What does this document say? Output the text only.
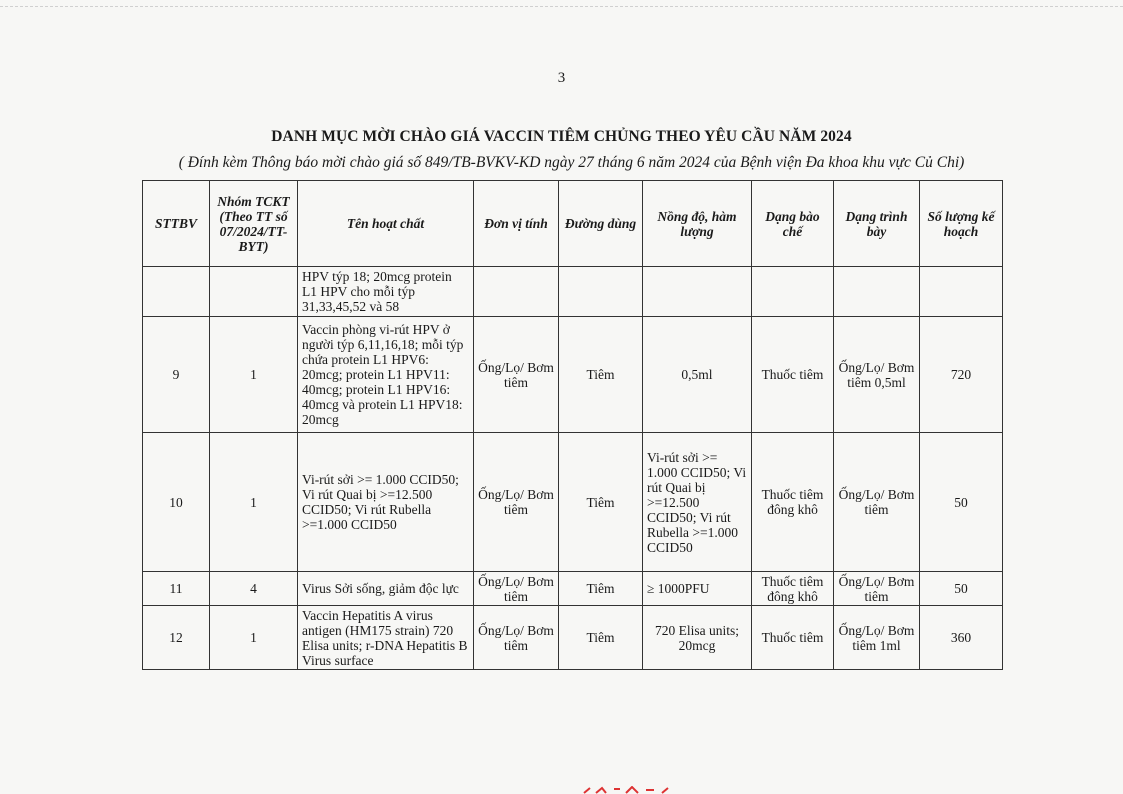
3
DANH MỤC MỜI CHÀO GIÁ VACCIN TIÊM CHỦNG THEO YÊU CẦU NĂM 2024
( Đính kèm Thông báo mời chào giá số 849/TB-BVKV-KD ngày 27 tháng 6 năm 2024 của Bệnh viện Đa khoa khu vực Củ Chi)
STTBV	Nhóm TCKT (Theo TT số 07/2024/TT-BYT)	Tên hoạt chất	Đơn vị tính	Đường dùng	Nồng độ, hàm lượng	Dạng bào chế	Dạng trình bày	Số lượng kế hoạch
		HPV týp 18; 20mcg protein L1 HPV cho mỗi týp 31,33,45,52 và 58						
9	1	Vaccin phòng vi-rút HPV ở người týp 6,11,16,18; mỗi týp chứa protein L1 HPV6: 20mcg; protein L1 HPV11: 40mcg; protein L1 HPV16: 40mcg và protein L1 HPV18: 20mcg	Ống/Lọ/ Bơm tiêm	Tiêm	0,5ml	Thuốc tiêm	Ống/Lọ/ Bơm tiêm 0,5ml	720
10	1	Vi-rút sởi >= 1.000 CCID50; Vi rút Quai bị >=12.500 CCID50; Vi rút Rubella >=1.000 CCID50	Ống/Lọ/ Bơm tiêm	Tiêm	Vi-rút sởi >= 1.000 CCID50; Vi rút Quai bị >=12.500 CCID50; Vi rút Rubella >=1.000 CCID50	Thuốc tiêm đông khô	Ống/Lọ/ Bơm tiêm	50
11	4	Virus Sởi sống, giảm độc lực	Ống/Lọ/ Bơm tiêm	Tiêm	≥ 1000PFU	Thuốc tiêm đông khô	Ống/Lọ/ Bơm tiêm	50
12	1	Vaccin Hepatitis A virus antigen (HM175 strain) 720 Elisa units; r-DNA Hepatitis B Virus surface	Ống/Lọ/ Bơm tiêm	Tiêm	720 Elisa units; 20mcg	Thuốc tiêm	Ống/Lọ/ Bơm tiêm 1ml	360
